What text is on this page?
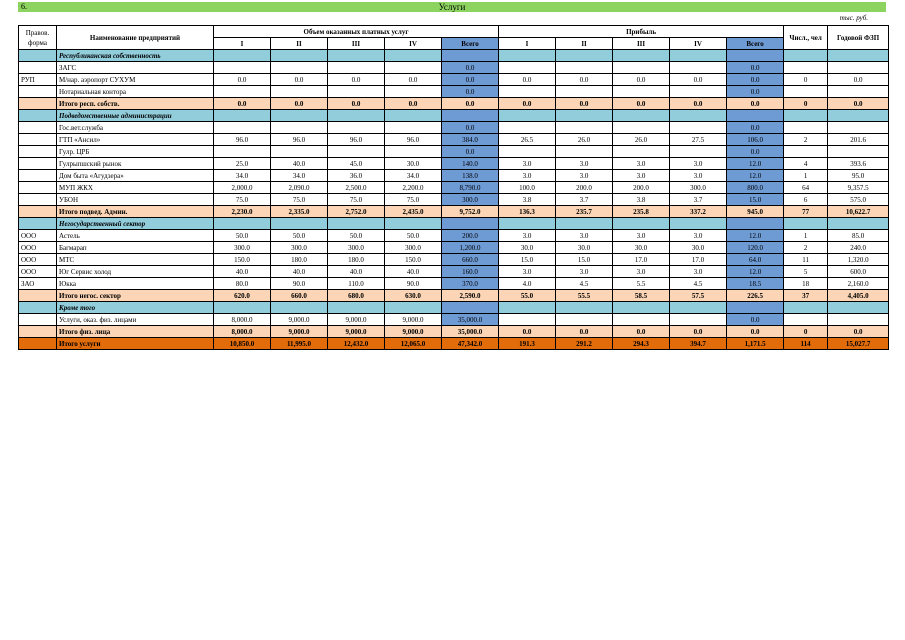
6.	Услуги
тыс. руб.
Правов. форма	Наименование предприятий	Объем оказанных платных услуг					Прибыль					Числ., чел	Годовой ФЗП
		I	II	III	IV	Всего	I	II	III	IV	Всего		
	Республиканская собственность												
	ЗАГС					0.0					0.0		
РУП	М/нар. аэропорт СУХУМ	0.0	0.0	0.0	0.0	0.0	0.0	0.0	0.0	0.0	0.0	0	0.0
	Нотариальная контора					0.0					0.0		
	Итого респ. собств.	0.0	0.0	0.0	0.0	0.0	0.0	0.0	0.0	0.0	0.0	0	0.0
	Подведомственные администрации												
	Гос.вет.служба					0.0					0.0		
	ГТП «Ансил»	96.0	96.0	96.0	96.0	384.0	26.5	26.0	26.0	27.5	106.0	2	201.6
	Гулр. ЦРБ					0.0					0.0		
	Гулрыпшский рынок	25.0	40.0	45.0	30.0	140.0	3.0	3.0	3.0	3.0	12.0	4	393.6
	Дом быта «Агудзера»	34.0	34.0	36.0	34.0	138.0	3.0	3.0	3.0	3.0	12.0	1	95.0
	МУП ЖКХ	2,000.0	2,090.0	2,500.0	2,200.0	8,790.0	100.0	200.0	200.0	300.0	800.0	64	9,357.5
	УБОН	75.0	75.0	75.0	75.0	300.0	3.8	3.7	3.8	3.7	15.0	6	575.0
	Итого подвед. Админ.	2,230.0	2,335.0	2,752.0	2,435.0	9,752.0	136.3	235.7	235.8	337.2	945.0	77	10,622.7
	Негосударственный сектор												
ООО	Астель	50.0	50.0	50.0	50.0	200.0	3.0	3.0	3.0	3.0	12.0	1	85.0
ООО	Багмарап	300.0	300.0	300.0	300.0	1,200.0	30.0	30.0	30.0	30.0	120.0	2	240.0
ООО	МТС	150.0	180.0	180.0	150.0	660.0	15.0	15.0	17.0	17.0	64.0	11	1,320.0
ООО	Юг Сервис холод	40.0	40.0	40.0	40.0	160.0	3.0	3.0	3.0	3.0	12.0	5	600.0
ЗАО	Юкка	80.0	90.0	110.0	90.0	370.0	4.0	4.5	5.5	4.5	18.5	18	2,160.0
	Итого негос. сектор	620.0	660.0	680.0	630.0	2,590.0	55.0	55.5	58.5	57.5	226.5	37	4,405.0
	Кроме того												
	Услуги, оказ. физ. лицами	8,000.0	9,000.0	9,000.0	9,000.0	35,000.0					0.0		
	Итого физ. лица	8,000.0	9,000.0	9,000.0	9,000.0	35,000.0	0.0	0.0	0.0	0.0	0.0	0	0.0
	Итого услуги	10,850.0	11,995.0	12,432.0	12,065.0	47,342.0	191.3	291.2	294.3	394.7	1,171.5	114	15,027.7
